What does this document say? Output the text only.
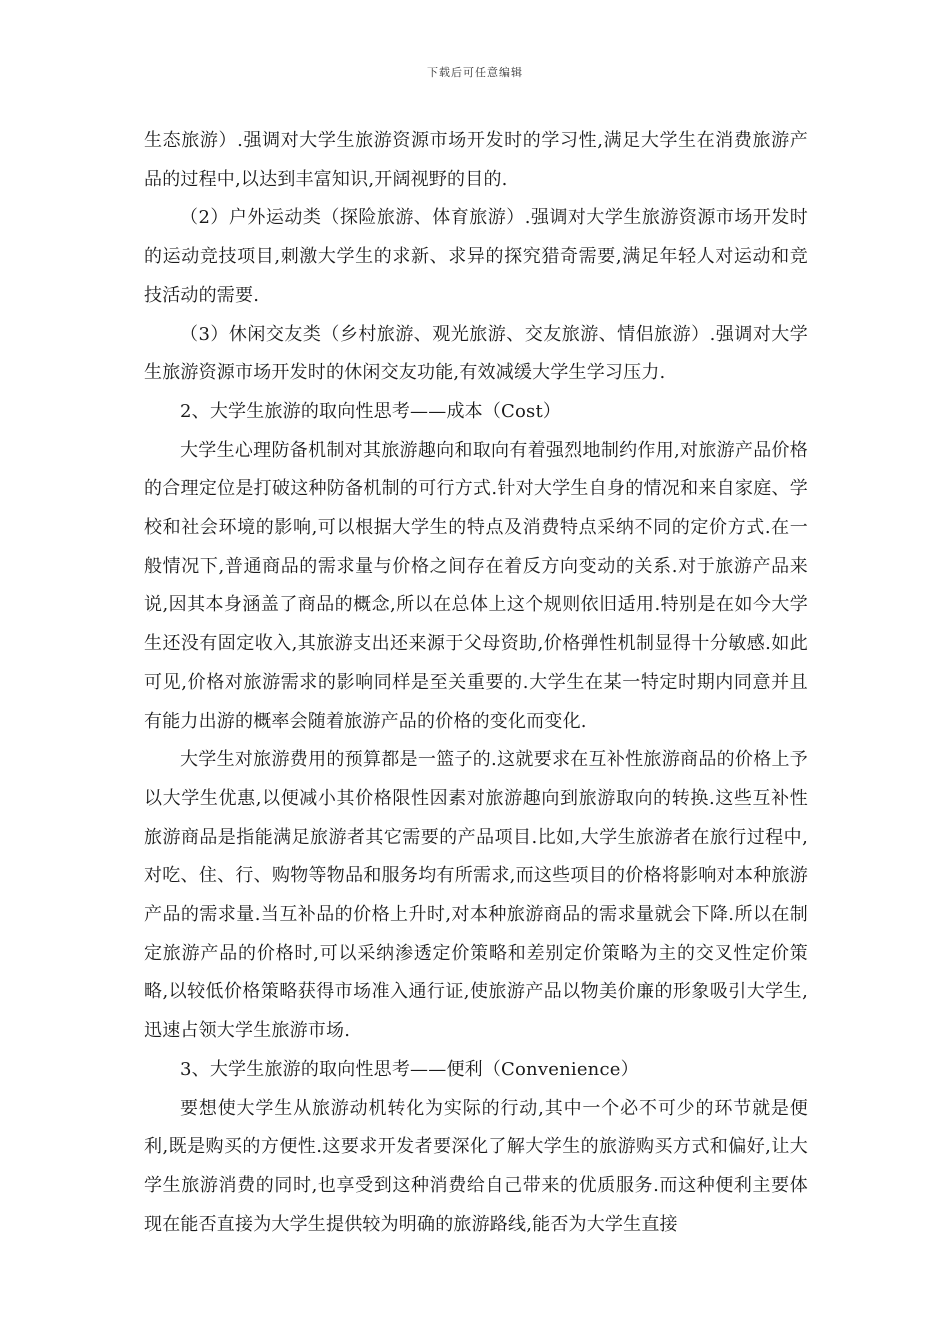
下载后可任意编辑

生态旅游）.强调对大学生旅游资源市场开发时的学习性,满足大学生在消费旅游产品的过程中,以达到丰富知识,开阔视野的目的.

（2）户外运动类（探险旅游、体育旅游）.强调对大学生旅游资源市场开发时的运动竞技项目,刺激大学生的求新、求异的探究猎奇需要,满足年轻人对运动和竞技活动的需要.

（3）休闲交友类（乡村旅游、观光旅游、交友旅游、情侣旅游）.强调对大学生旅游资源市场开发时的休闲交友功能,有效减缓大学生学习压力.

2、大学生旅游的取向性思考——成本（Cost）

大学生心理防备机制对其旅游趣向和取向有着强烈地制约作用,对旅游产品价格的合理定位是打破这种防备机制的可行方式.针对大学生自身的情况和来自家庭、学校和社会环境的影响,可以根据大学生的特点及消费特点采纳不同的定价方式.在一般情况下,普通商品的需求量与价格之间存在着反方向变动的关系.对于旅游产品来说,因其本身涵盖了商品的概念,所以在总体上这个规则依旧适用.特别是在如今大学生还没有固定收入,其旅游支出还来源于父母资助,价格弹性机制显得十分敏感.如此可见,价格对旅游需求的影响同样是至关重要的.大学生在某一特定时期内同意并且有能力出游的概率会随着旅游产品的价格的变化而变化.

大学生对旅游费用的预算都是一篮子的.这就要求在互补性旅游商品的价格上予以大学生优惠,以便减小其价格限性因素对旅游趣向到旅游取向的转换.这些互补性旅游商品是指能满足旅游者其它需要的产品项目.比如,大学生旅游者在旅行过程中,对吃、住、行、购物等物品和服务均有所需求,而这些项目的价格将影响对本种旅游产品的需求量.当互补品的价格上升时,对本种旅游商品的需求量就会下降.所以在制定旅游产品的价格时,可以采纳渗透定价策略和差别定价策略为主的交叉性定价策略,以较低价格策略获得市场准入通行证,使旅游产品以物美价廉的形象吸引大学生,迅速占领大学生旅游市场.

3、大学生旅游的取向性思考——便利（Convenience）

要想使大学生从旅游动机转化为实际的行动,其中一个必不可少的环节就是便利,既是购买的方便性.这要求开发者要深化了解大学生的旅游购买方式和偏好,让大学生旅游消费的同时,也享受到这种消费给自己带来的优质服务.而这种便利主要体现在能否直接为大学生提供较为明确的旅游路线,能否为大学生直接
